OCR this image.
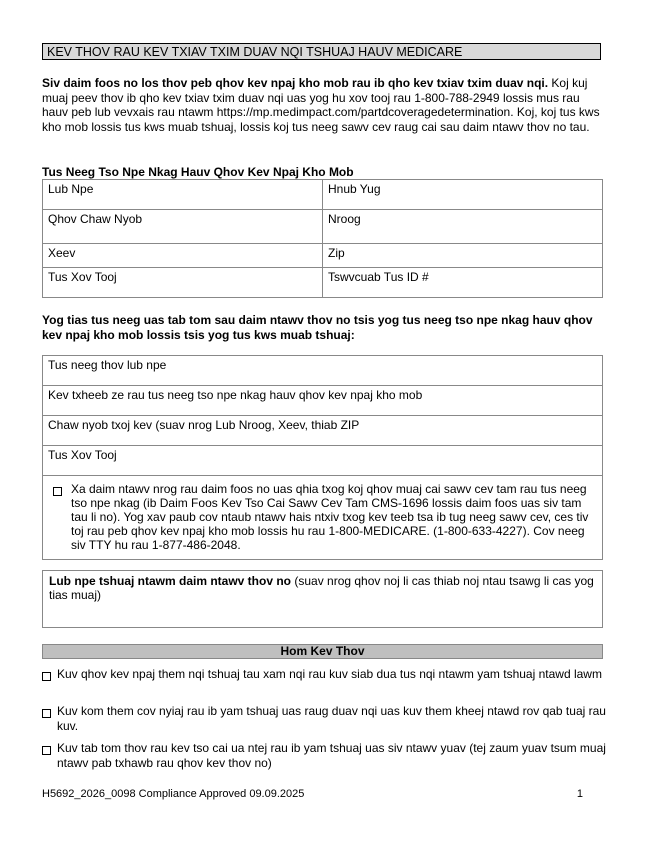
KEV THOV RAU KEV TXIAV TXIM DUAV NQI TSHUAJ HAUV MEDICARE
Siv daim foos no los thov peb qhov kev npaj kho mob rau ib qho kev txiav txim duav nqi. Koj kuj muaj peev thov ib qho kev txiav txim duav nqi uas yog hu xov tooj rau 1-800-788-2949 lossis mus rau hauv peb lub vevxais rau ntawm https://mp.medimpact.com/partdcoveragedetermination. Koj, koj tus kws kho mob lossis tus kws muab tshuaj, lossis koj tus neeg sawv cev raug cai sau daim ntawv thov no tau.
Tus Neeg Tso Npe Nkag Hauv Qhov Kev Npaj Kho Mob
Lub Npe	Hnub Yug
Qhov Chaw Nyob	Nroog
Xeev	Zip
Tus Xov Tooj	Tswvcuab Tus ID #
Yog tias tus neeg uas tab tom sau daim ntawv thov no tsis yog tus neeg tso npe nkag hauv qhov kev npaj kho mob lossis tsis yog tus kws muab tshuaj:
Tus neeg thov lub npe
Kev txheeb ze rau tus neeg tso npe nkag hauv qhov kev npaj kho mob
Chaw nyob txoj kev (suav nrog Lub Nroog, Xeev, thiab ZIP
Tus Xov Tooj

Xa daim ntawv nrog rau daim foos no uas qhia txog koj qhov muaj cai sawv cev tam rau tus neeg tso npe nkag (ib Daim Foos Kev Tso Cai Sawv Cev Tam CMS-1696 lossis daim foos uas siv tam tau li no). Yog xav paub cov ntaub ntawv hais ntxiv txog kev teeb tsa ib tug neeg sawv cev, ces tiv toj rau peb qhov kev npaj kho mob lossis hu rau 1-800-MEDICARE. (1-800-633-4227). Cov neeg siv TTY hu rau 1-877-486-2048.
Lub npe tshuaj ntawm daim ntawv thov no (suav nrog qhov noj li cas thiab noj ntau tsawg li cas yog tias muaj)
Hom Kev Thov
Kuv qhov kev npaj them nqi tshuaj tau xam nqi rau kuv siab dua tus nqi ntawm yam tshuaj ntawd lawm
Kuv kom them cov nyiaj rau ib yam tshuaj uas raug duav nqi uas kuv them kheej ntawd rov qab tuaj rau kuv.
Kuv tab tom thov rau kev tso cai ua ntej rau ib yam tshuaj uas siv ntawv yuav (tej zaum yuav tsum muaj ntawv pab txhawb rau qhov kev thov no)
H5692_2026_0098 Compliance Approved 09.09.2025	1
